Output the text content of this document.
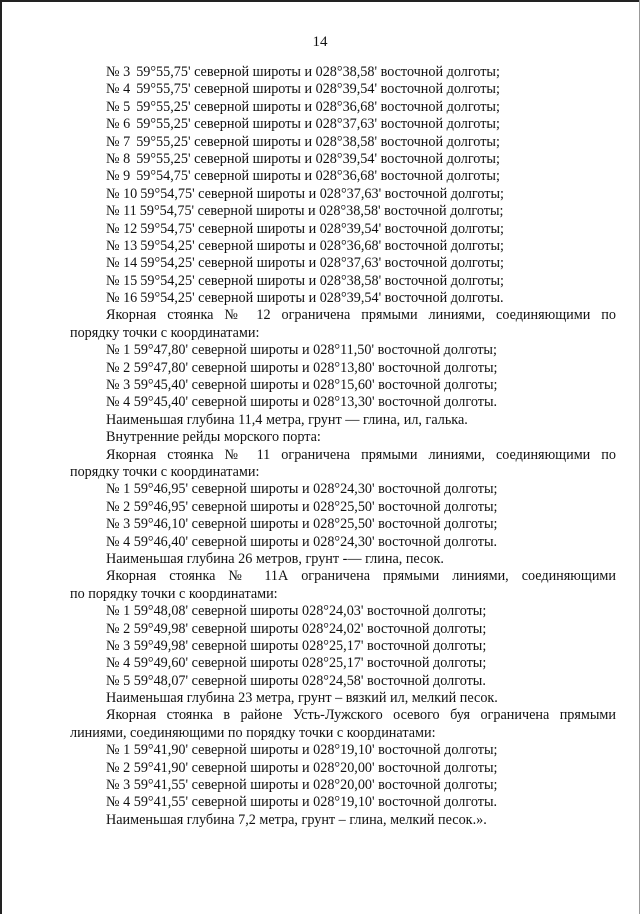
14
№ 3 59°55,75' северной широты и 028°38,58' восточной долготы;
№ 4 59°55,75' северной широты и 028°39,54' восточной долготы;
№ 5 59°55,25' северной широты и 028°36,68' восточной долготы;
№ 6 59°55,25' северной широты и 028°37,63' восточной долготы;
№ 7 59°55,25' северной широты и 028°38,58' восточной долготы;
№ 8 59°55,25' северной широты и 028°39,54' восточной долготы;
№ 9 59°54,75' северной широты и 028°36,68' восточной долготы;
№ 10 59°54,75' северной широты и 028°37,63' восточной долготы;
№ 11 59°54,75' северной широты и 028°38,58' восточной долготы;
№ 12 59°54,75' северной широты и 028°39,54' восточной долготы;
№ 13 59°54,25' северной широты и 028°36,68' восточной долготы;
№ 14 59°54,25' северной широты и 028°37,63' восточной долготы;
№ 15 59°54,25' северной широты и 028°38,58' восточной долготы;
№ 16 59°54,25' северной широты и 028°39,54' восточной долготы.
Якорная стоянка № 12 ограничена прямыми линиями, соединяющими по
порядку точки с координатами:
№ 1 59°47,80' северной широты и 028°11,50' восточной долготы;
№ 2 59°47,80' северной широты и 028°13,80' восточной долготы;
№ 3 59°45,40' северной широты и 028°15,60' восточной долготы;
№ 4 59°45,40' северной широты и 028°13,30' восточной долготы.
Наименьшая глубина 11,4 метра, грунт — глина, ил, галька.
Внутренние рейды морского порта:
Якорная стоянка № 11 ограничена прямыми линиями, соединяющими по
порядку точки с координатами:
№ 1 59°46,95' северной широты и 028°24,30' восточной долготы;
№ 2 59°46,95' северной широты и 028°25,50' восточной долготы;
№ 3 59°46,10' северной широты и 028°25,50' восточной долготы;
№ 4 59°46,40' северной широты и 028°24,30' восточной долготы.
Наименьшая глубина 26 метров, грунт -— глина, песок.
Якорная стоянка № 11А ограничена прямыми линиями, соединяющими
по порядку точки с координатами:
№ 1 59°48,08' северной широты 028°24,03' восточной долготы;
№ 2 59°49,98' северной широты 028°24,02' восточной долготы;
№ 3 59°49,98' северной широты 028°25,17' восточной долготы;
№ 4 59°49,60' северной широты 028°25,17' восточной долготы;
№ 5 59°48,07' северной широты 028°24,58' восточной долготы.
Наименьшая глубина 23 метра, грунт – вязкий ил, мелкий песок.
Якорная стоянка в районе Усть-Лужского осевого буя ограничена прямыми
линиями, соединяющими по порядку точки с координатами:
№ 1 59°41,90' северной широты и 028°19,10' восточной долготы;
№ 2 59°41,90' северной широты и 028°20,00' восточной долготы;
№ 3 59°41,55' северной широты и 028°20,00' восточной долготы;
№ 4 59°41,55' северной широты и 028°19,10' восточной долготы.
Наименьшая глубина 7,2 метра, грунт – глина, мелкий песок.».
